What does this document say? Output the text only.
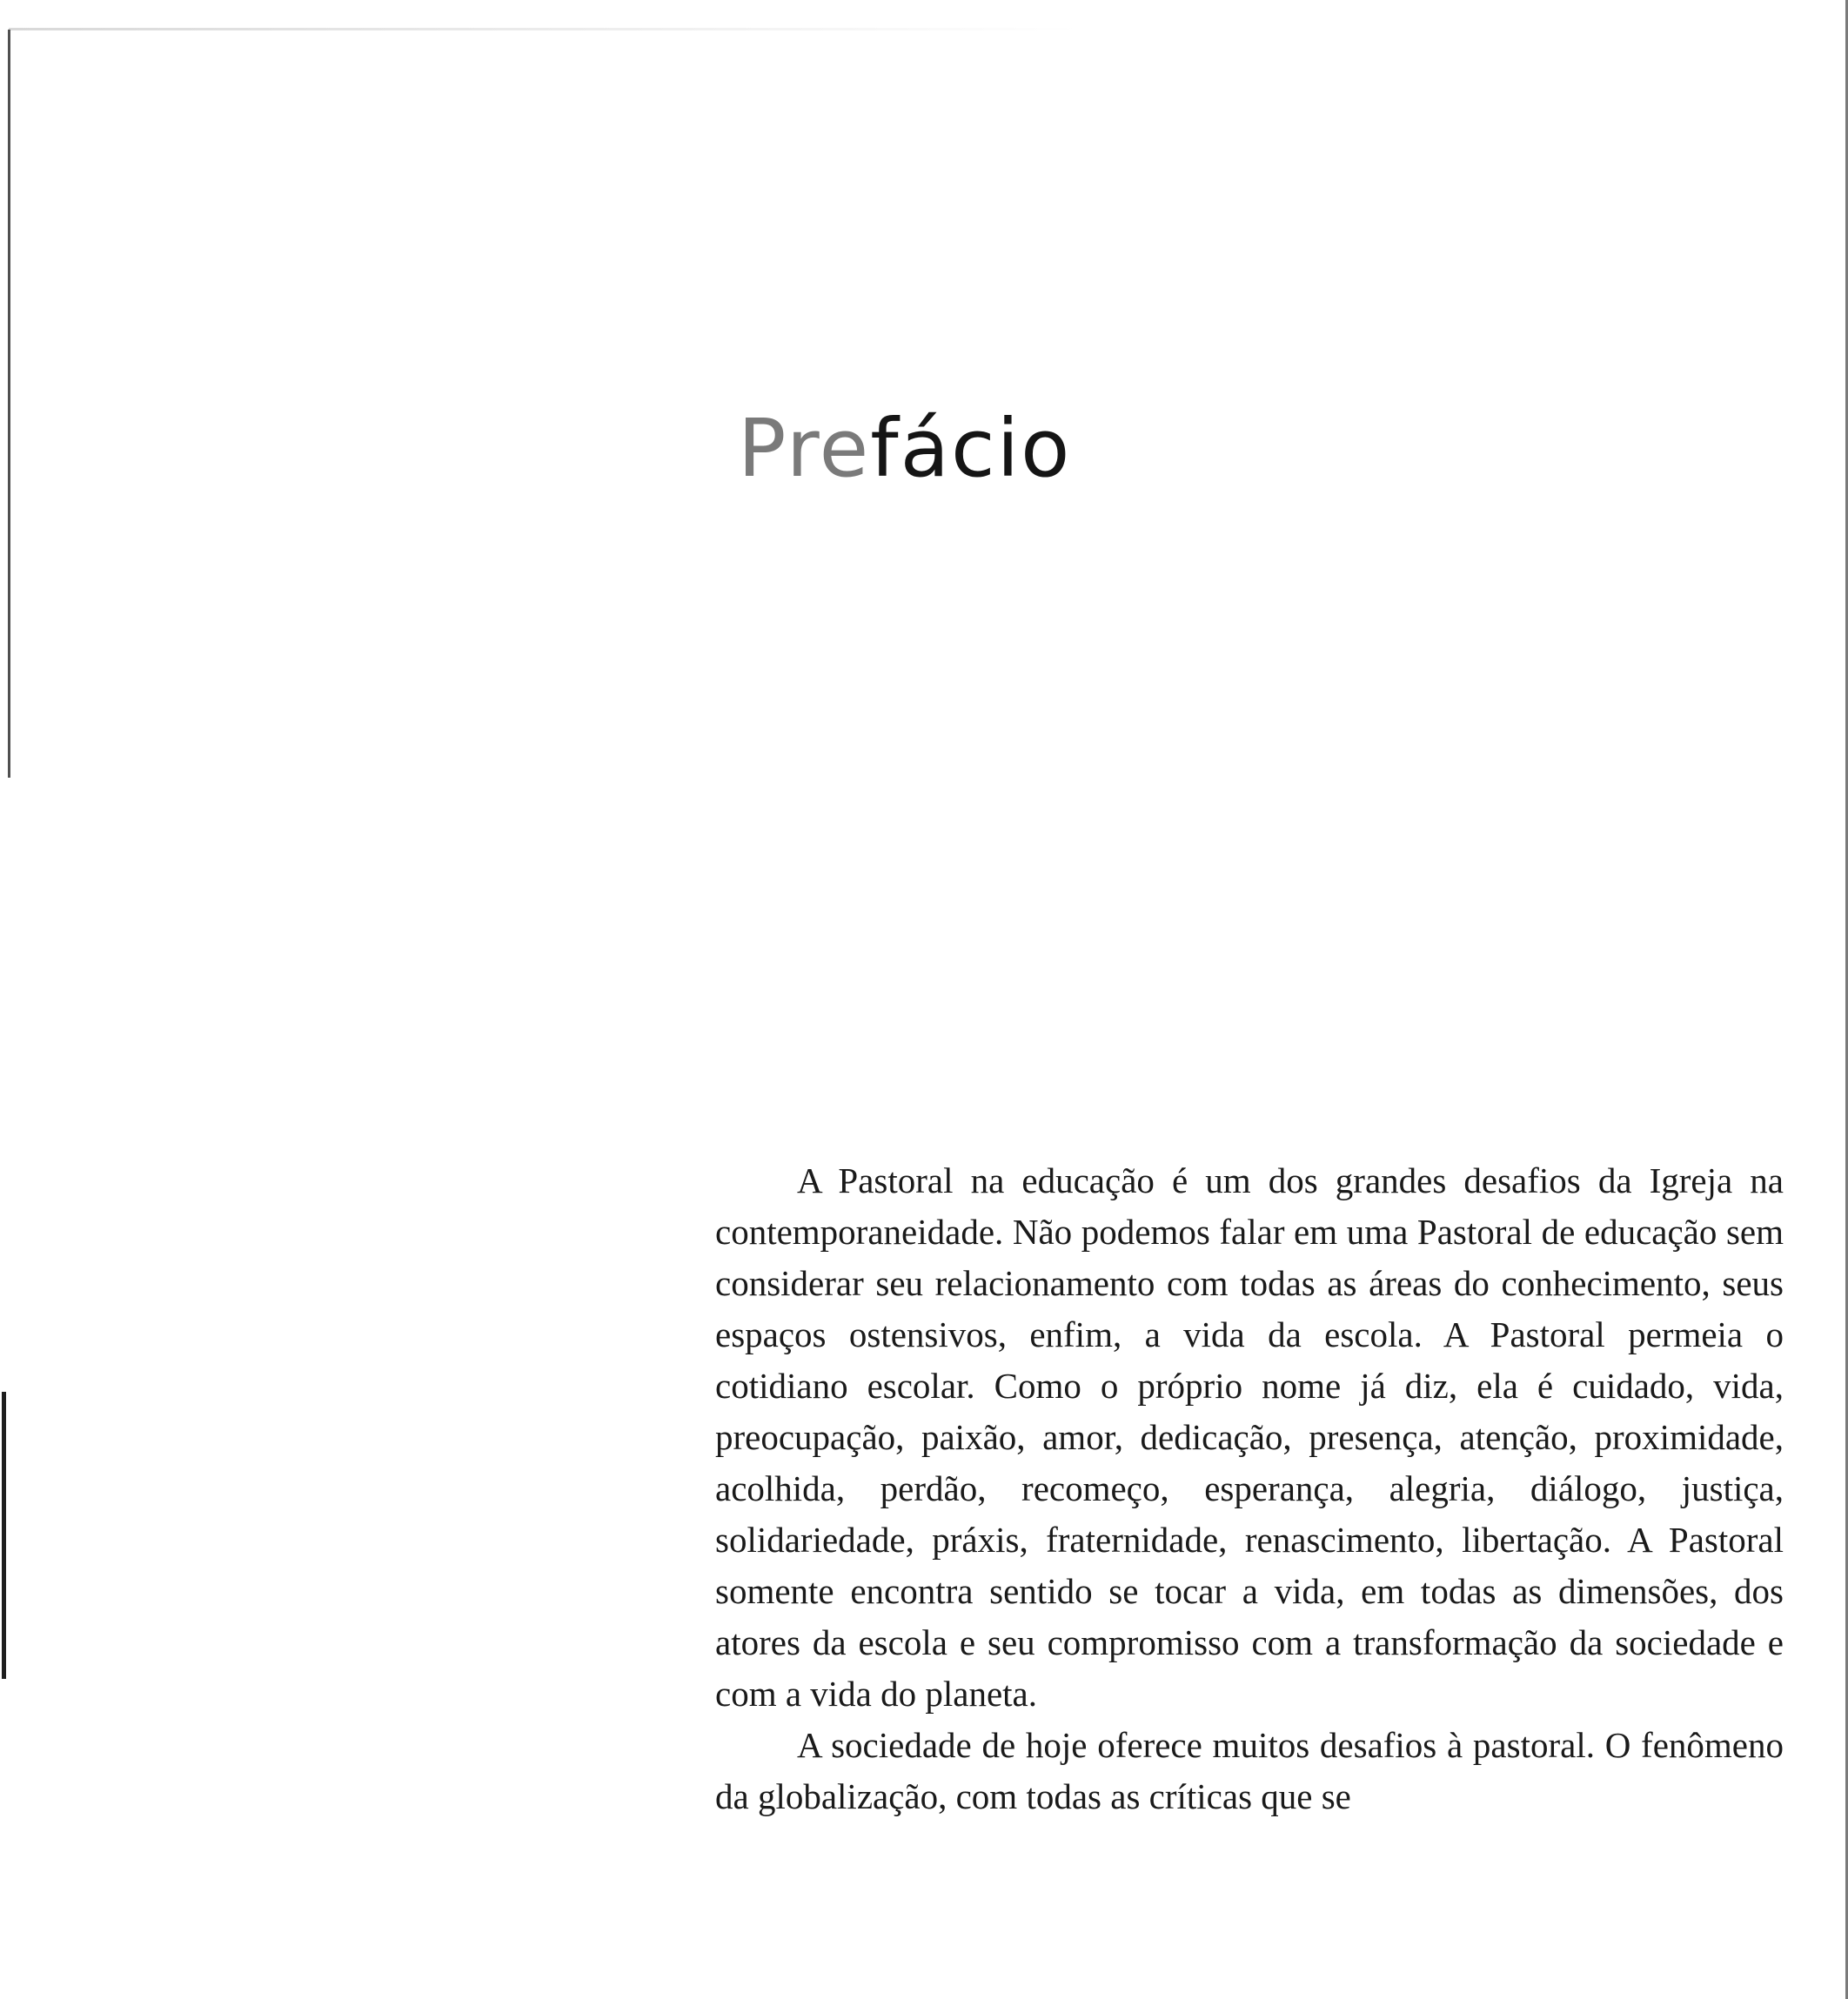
Prefácio

A Pastoral na educação é um dos grandes desafios da Igreja na contemporaneidade. Não podemos falar em uma Pastoral de educação sem considerar seu relacionamento com todas as áreas do conhecimento, seus espaços ostensivos, enfim, a vida da escola. A Pastoral permeia o cotidiano escolar. Como o próprio nome já diz, ela é cuidado, vida, preocupação, paixão, amor, dedicação, presença, atenção, proximidade, acolhida, perdão, recomeço, esperança, alegria, diálogo, justiça, solidariedade, práxis, fraternidade, renascimento, libertação. A Pastoral somente encontra sentido se tocar a vida, em todas as dimensões, dos atores da escola e seu compromisso com a transformação da sociedade e com a vida do planeta.

A sociedade de hoje oferece muitos desafios à pastoral. O fenômeno da globalização, com todas as críticas que se
